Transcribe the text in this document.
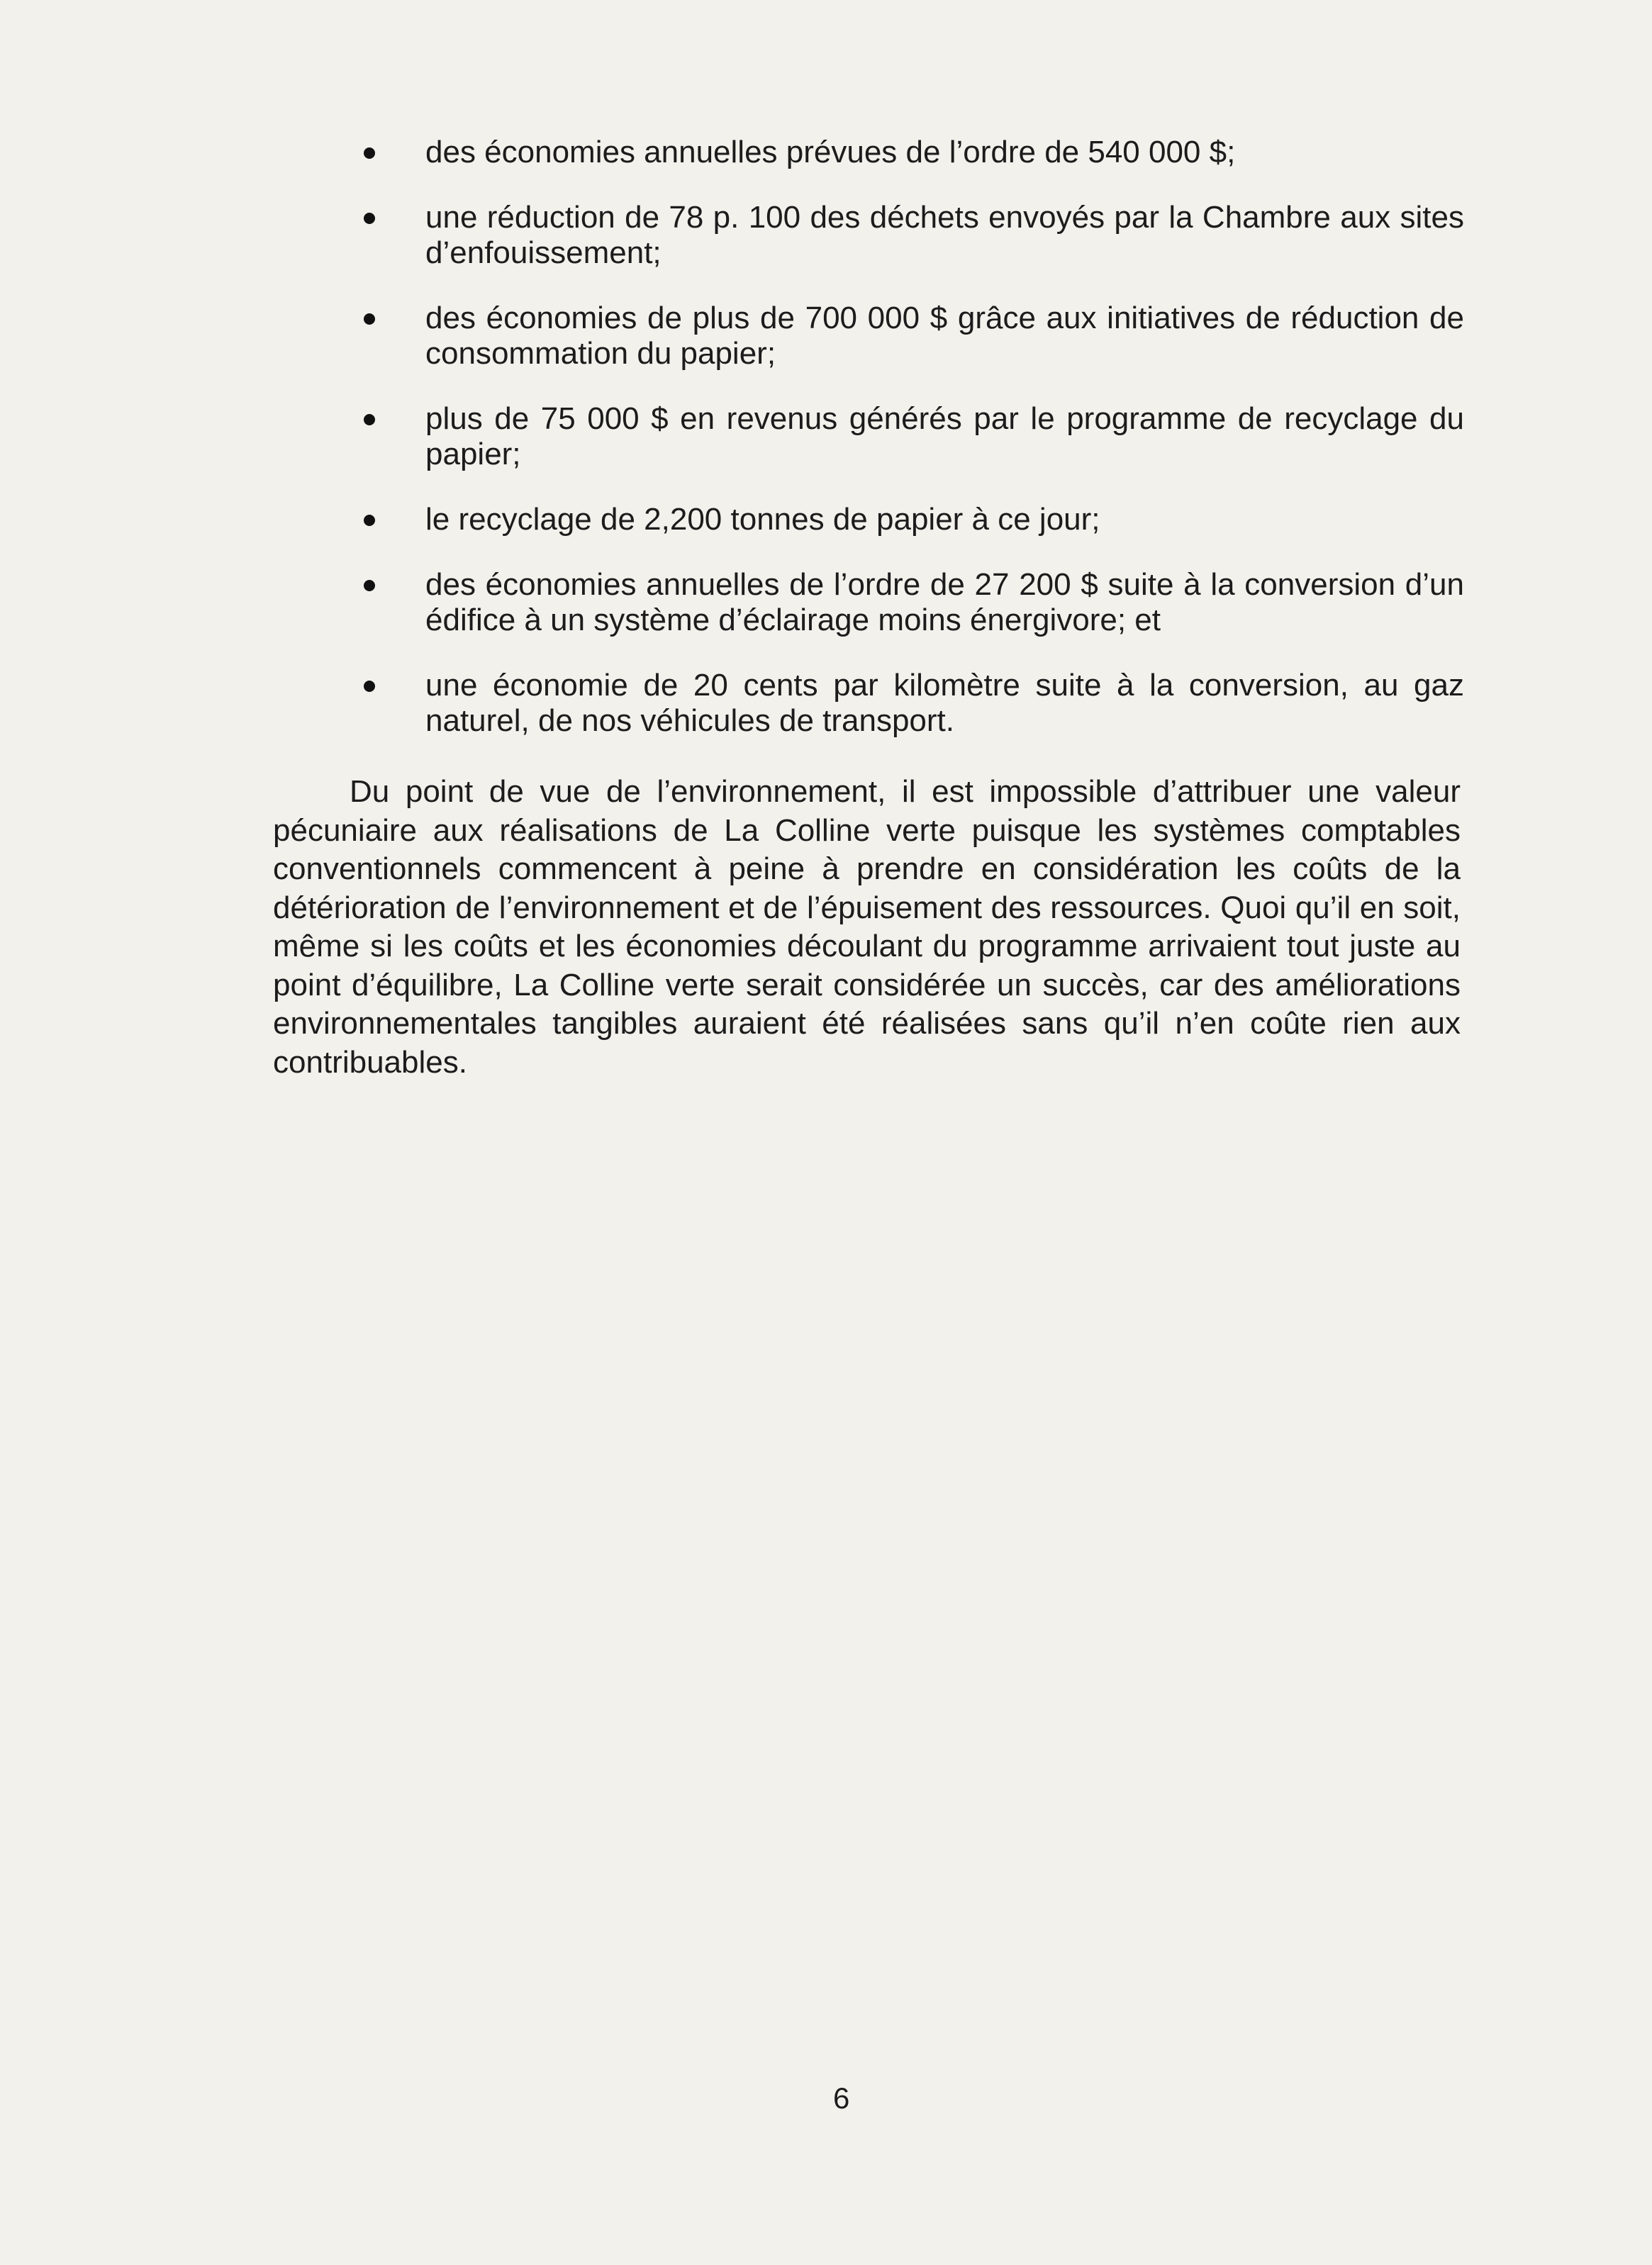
des économies annuelles prévues de l’ordre de 540 000 $;
une réduction de 78 p. 100 des déchets envoyés par la Chambre aux sites d’enfouissement;
des économies de plus de 700 000 $ grâce aux initiatives de réduction de consommation du papier;
plus de 75 000 $ en revenus générés par le programme de recyclage du papier;
le recyclage de 2,200 tonnes de papier à ce jour;
des économies annuelles de l’ordre de 27 200 $ suite à la conversion d’un édifice à un système d’éclairage moins énergivore; et
une économie de 20 cents par kilomètre suite à la conversion, au gaz naturel, de nos véhicules de transport.

Du point de vue de l’environnement, il est impossible d’attribuer une valeur pécuniaire aux réalisations de La Colline verte puisque les systèmes comptables conventionnels commencent à peine à prendre en considération les coûts de la détérioration de l’environnement et de l’épuisement des ressources. Quoi qu’il en soit, même si les coûts et les économies découlant du programme arrivaient tout juste au point d’équilibre, La Colline verte serait considérée un succès, car des améliorations environnementales tangibles auraient été réalisées sans qu’il n’en coûte rien aux contribuables.

6
